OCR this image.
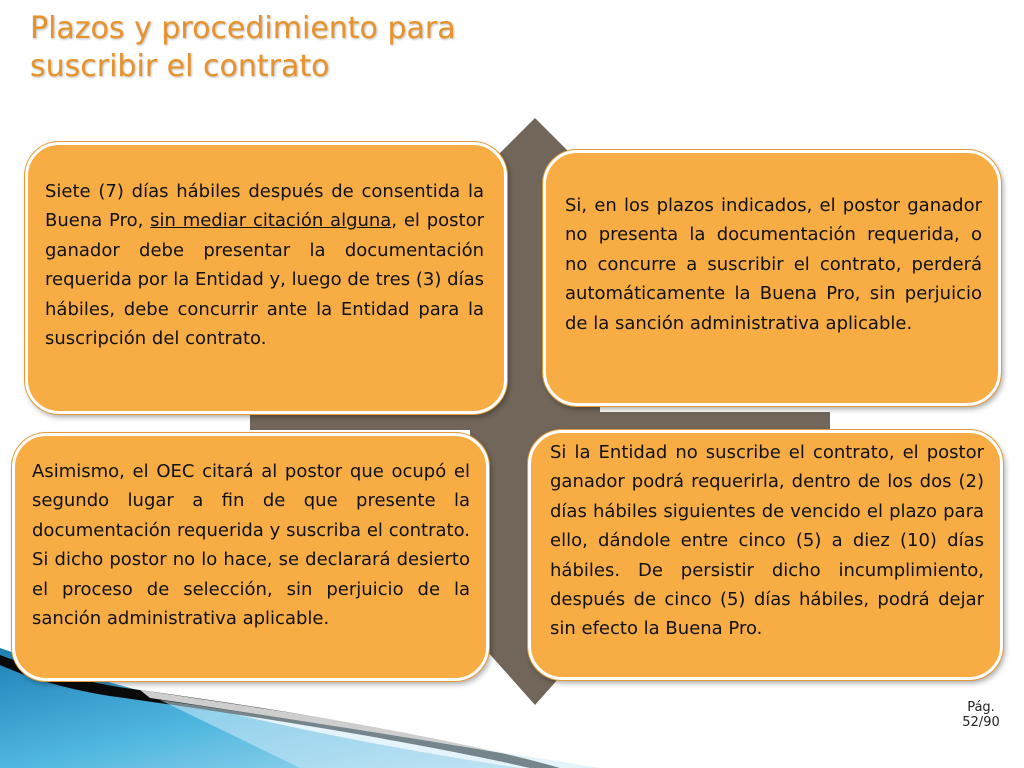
Plazos y procedimiento para suscribir el contrato
Siete (7) días hábiles después de consentida la Buena Pro, sin mediar citación alguna, el postor ganador debe presentar la documentación requerida por la Entidad y, luego de tres (3) días hábiles, debe concurrir ante la Entidad para la suscripción del contrato.
Si, en los plazos indicados, el postor ganador no presenta la documentación requerida, o no concurre a suscribir el contrato, perderá automáticamente la Buena Pro, sin perjuicio de la sanción administrativa aplicable.
Asimismo, el OEC citará al postor que ocupó el segundo lugar a fin de que presente la documentación requerida y suscriba el contrato. Si dicho postor no lo hace, se declarará desierto el proceso de selección, sin perjuicio de la sanción administrativa aplicable.
Si la Entidad no suscribe el contrato, el postor ganador podrá requerirla, dentro de los dos (2) días hábiles siguientes de vencido el plazo para ello, dándole entre cinco (5) a diez (10) días hábiles. De persistir dicho incumplimiento, después de cinco (5) días hábiles, podrá dejar sin efecto la Buena Pro.
Pág. 52/90
